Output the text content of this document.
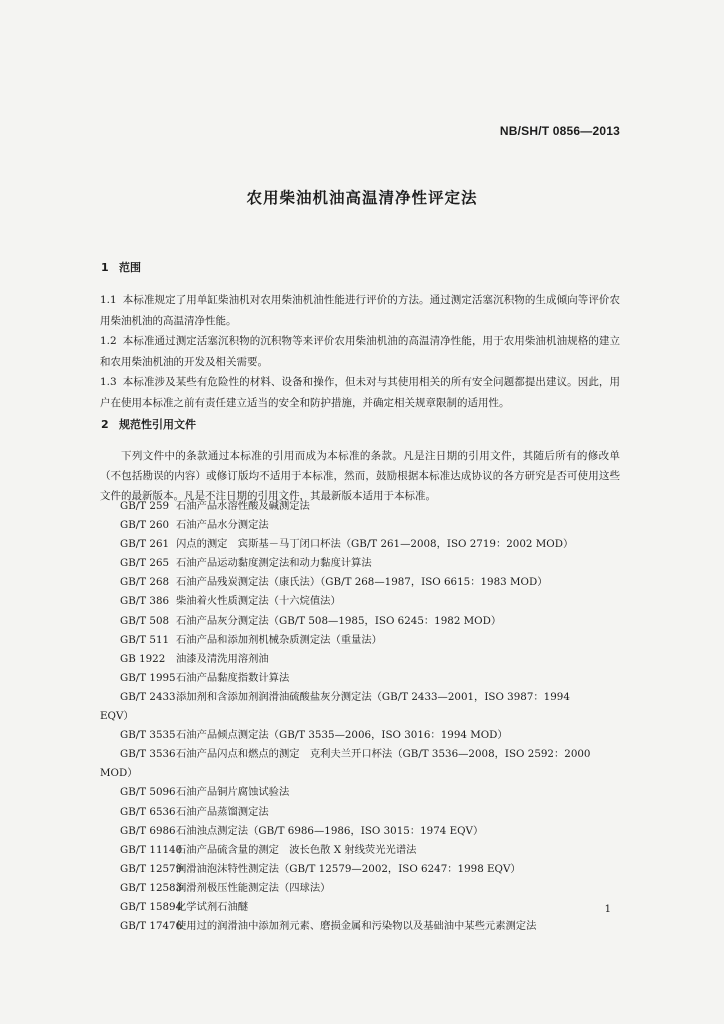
NB/SH/T 0856—2013
农用柴油机油高温清净性评定法
1 范围
1.1 本标准规定了用单缸柴油机对农用柴油机油性能进行评价的方法。通过测定活塞沉积物的生成倾向等评价农用柴油机油的高温清净性能。
1.2 本标准通过测定活塞沉积物的沉积物等来评价农用柴油机油的高温清净性能，用于农用柴油机油规格的建立和农用柴油机油的开发及相关需要。
1.3 本标准涉及某些有危险性的材料、设备和操作，但未对与其使用相关的所有安全问题都提出建议。因此，用户在使用本标准之前有责任建立适当的安全和防护措施，并确定相关规章限制的适用性。
2 规范性引用文件
下列文件中的条款通过本标准的引用而成为本标准的条款。凡是注日期的引用文件，其随后所有的修改单（不包括勘误的内容）或修订版均不适用于本标准，然而，鼓励根据本标准达成协议的各方研究是否可使用这些文件的最新版本。凡是不注日期的引用文件，其最新版本适用于本标准。
GB/T 259 石油产品水溶性酸及碱测定法
GB/T 260 石油产品水分测定法
GB/T 261 闪点的测定　宾斯基－马丁闭口杯法（GB/T 261—2008，ISO 2719：2002 MOD）
GB/T 265 石油产品运动黏度测定法和动力黏度计算法
GB/T 268 石油产品残炭测定法（康氏法）（GB/T 268—1987，ISO 6615：1983 MOD）
GB/T 386 柴油着火性质测定法（十六烷值法）
GB/T 508 石油产品灰分测定法（GB/T 508—1985，ISO 6245：1982 MOD）
GB/T 511 石油产品和添加剂机械杂质测定法（重量法）
GB 1922 油漆及清洗用溶剂油
GB/T 1995石油产品黏度指数计算法
GB/T 2433添加剂和含添加剂润滑油硫酸盐灰分测定法（GB/T 2433—2001，ISO 3987：1994
EQV）
GB/T 3535石油产品倾点测定法（GB/T 3535—2006，ISO 3016：1994 MOD）
GB/T 3536石油产品闪点和燃点的测定　克利夫兰开口杯法（GB/T 3536—2008，ISO 2592：2000
MOD）
GB/T 5096石油产品铜片腐蚀试验法
GB/T 6536石油产品蒸馏测定法
GB/T 6986石油浊点测定法（GB/T 6986—1986，ISO 3015：1974 EQV）
GB/T 11140石油产品硫含量的测定　波长色散 X 射线荧光光谱法
GB/T 12579润滑油泡沫特性测定法（GB/T 12579—2002，ISO 6247：1998 EQV）
GB/T 12583润滑剂极压性能测定法（四球法）
GB/T 15894化学试剂石油醚
GB/T 17476使用过的润滑油中添加剂元素、磨损金属和污染物以及基础油中某些元素测定法
1
